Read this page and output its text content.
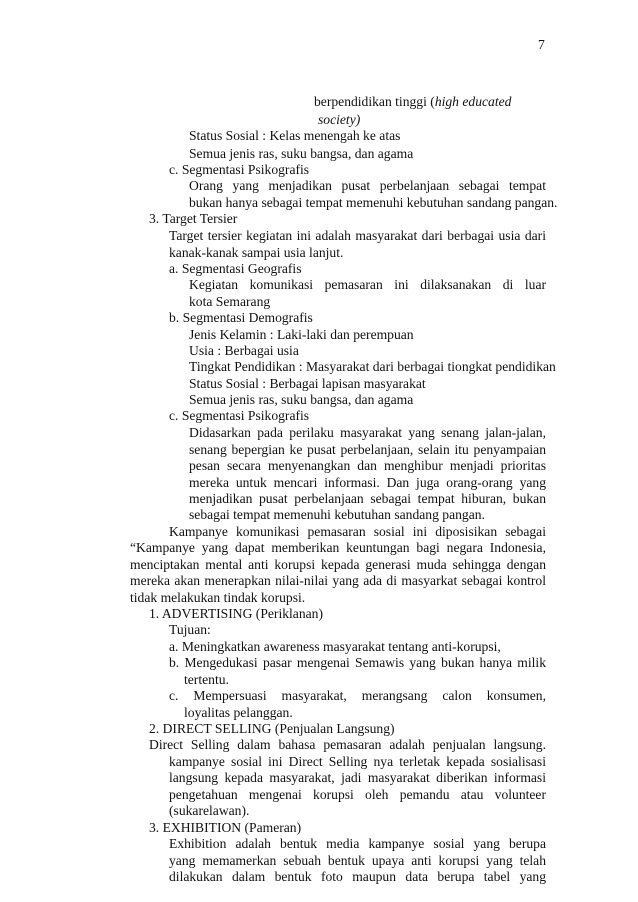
7
berpendidikan tinggi (high educated
society)
Status Sosial : Kelas menengah ke atas
Semua jenis ras, suku bangsa, dan agama
c. Segmentasi Psikografis
Orang yang menjadikan pusat perbelanjaan sebagai tempat
bukan hanya sebagai tempat memenuhi kebutuhan sandang pangan.
3. Target Tersier
Target tersier kegiatan ini adalah masyarakat dari berbagai usia dari
kanak-kanak sampai usia lanjut.
a. Segmentasi Geografis
Kegiatan komunikasi pemasaran ini dilaksanakan di luar
kota Semarang
b. Segmentasi Demografis
Jenis Kelamin : Laki-laki dan perempuan
Usia : Berbagai usia
Tingkat Pendidikan : Masyarakat dari berbagai tiongkat pendidikan
Status Sosial : Berbagai lapisan masyarakat
Semua jenis ras, suku bangsa, dan agama
c. Segmentasi Psikografis
Didasarkan pada perilaku masyarakat yang senang jalan-jalan,
senang bepergian ke pusat perbelanjaan, selain itu penyampaian
pesan secara menyenangkan dan menghibur menjadi prioritas
mereka untuk mencari informasi. Dan juga orang-orang yang
menjadikan pusat perbelanjaan sebagai tempat hiburan, bukan
sebagai tempat memenuhi kebutuhan sandang pangan.
Kampanye komunikasi pemasaran sosial ini diposisikan sebagai
“Kampanye yang dapat memberikan keuntungan bagi negara Indonesia,
menciptakan mental anti korupsi kepada generasi muda sehingga dengan
mereka akan menerapkan nilai-nilai yang ada di masyarkat sebagai kontrol
tidak melakukan tindak korupsi.
1. ADVERTISING (Periklanan)
Tujuan:
a. Meningkatkan awareness masyarakat tentang anti-korupsi,
b. Mengedukasi pasar mengenai Semawis yang bukan hanya milik
tertentu.
c. Mempersuasi masyarakat, merangsang calon konsumen,
loyalitas pelanggan.
2. DIRECT SELLING (Penjualan Langsung)
Direct Selling dalam bahasa pemasaran adalah penjualan langsung.
kampanye sosial ini Direct Selling nya terletak kepada sosialisasi
langsung kepada masyarakat, jadi masyarakat diberikan informasi
pengetahuan mengenai korupsi oleh pemandu atau volunteer
(sukarelawan).
3. EXHIBITION (Pameran)
Exhibition adalah bentuk media kampanye sosial yang berupa
yang memamerkan sebuah bentuk upaya anti korupsi yang telah
dilakukan dalam bentuk foto maupun data berupa tabel yang
